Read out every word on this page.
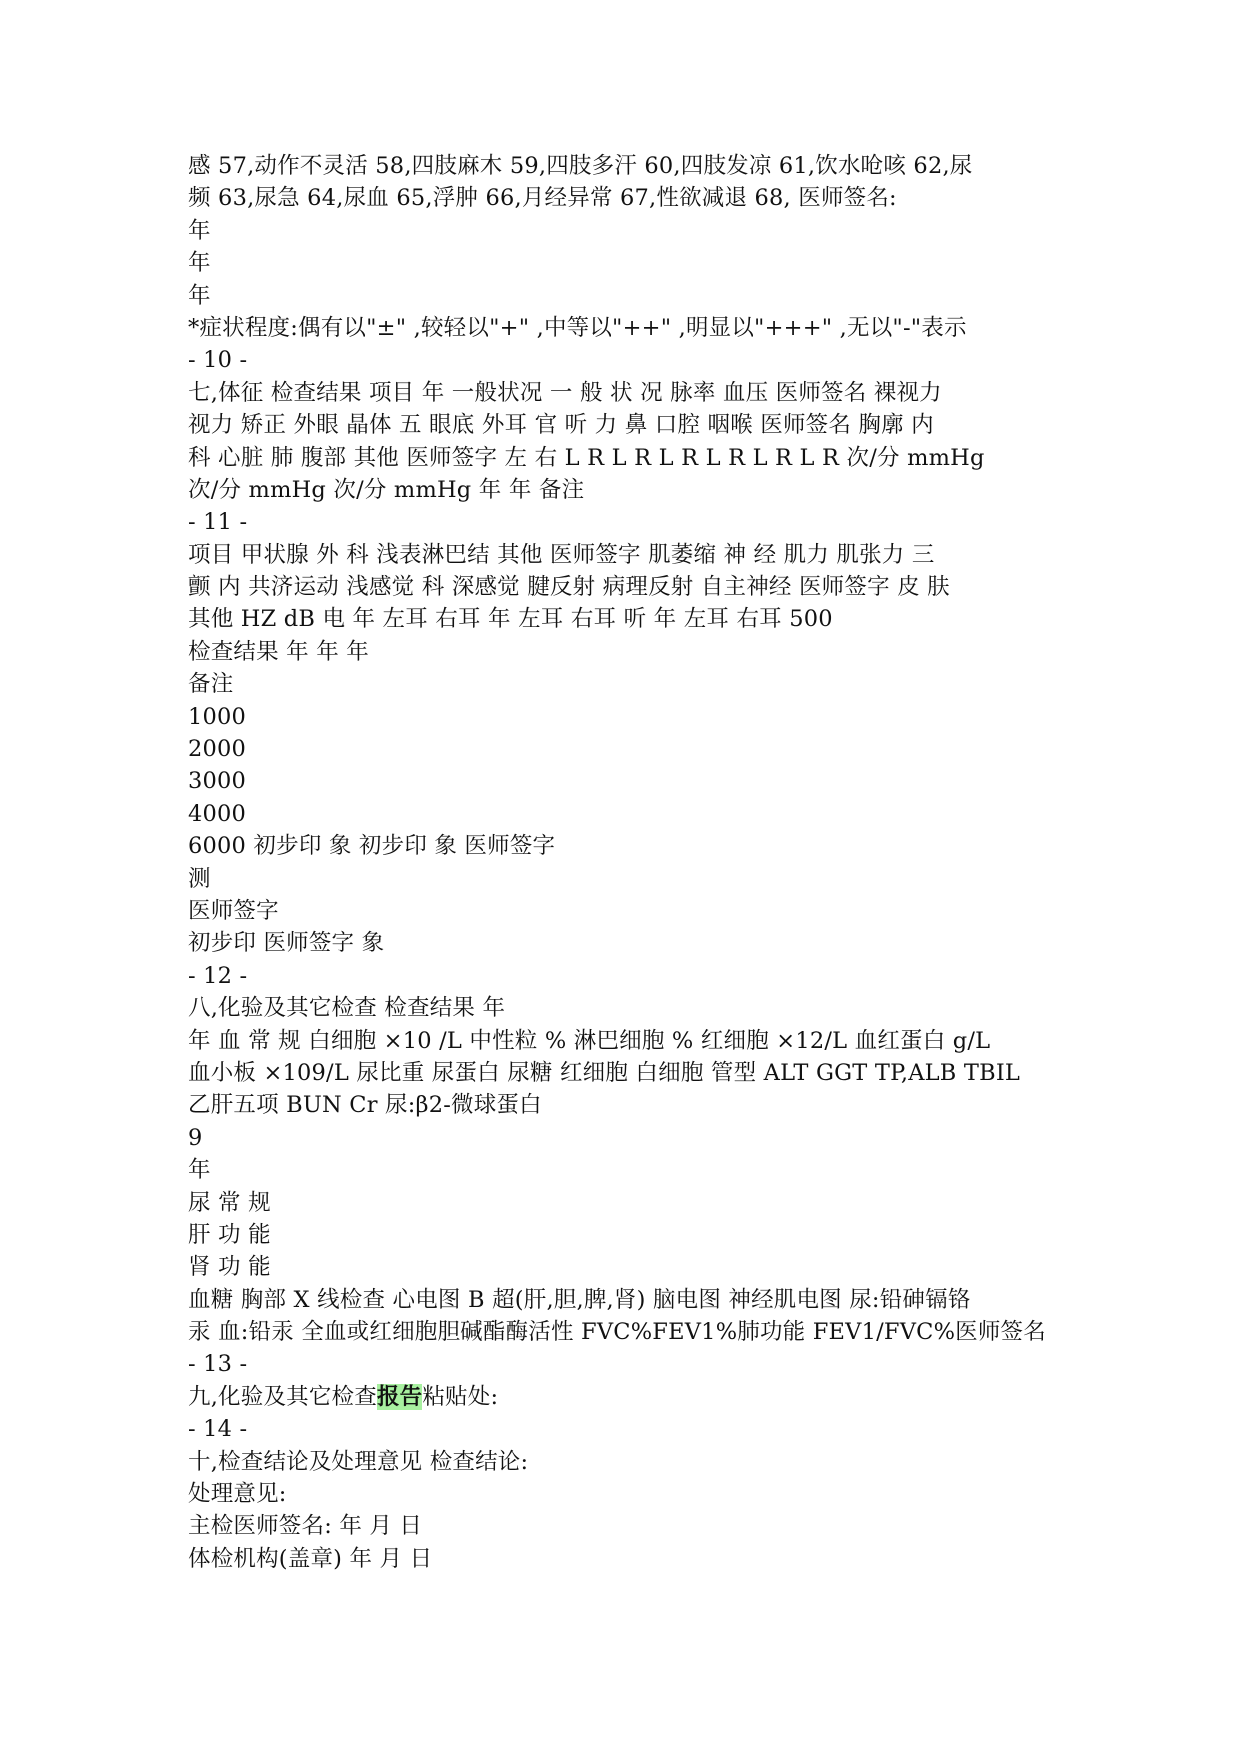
感 57,动作不灵活 58,四肢麻木 59,四肢多汗 60,四肢发凉 61,饮水呛咳 62,尿
频 63,尿急 64,尿血 65,浮肿 66,月经异常 67,性欲减退 68, 医师签名:
年
年
年
*症状程度:偶有以"±" ,较轻以"+" ,中等以"++" ,明显以"+++" ,无以"-"表示
- 10 -
七,体征 检查结果 项目 年 一般状况 一 般 状 况 脉率 血压 医师签名 裸视力
视力 矫正 外眼 晶体 五 眼底 外耳 官 听 力 鼻 口腔 咽喉 医师签名 胸廓 内
科 心脏 肺 腹部 其他 医师签字 左 右 L R L R L R L R L R L R 次/分 mmHg
次/分 mmHg 次/分 mmHg 年 年 备注
- 11 -
项目 甲状腺 外 科 浅表淋巴结 其他 医师签字 肌萎缩 神 经 肌力 肌张力 三
颤 内 共济运动 浅感觉 科 深感觉 腱反射 病理反射 自主神经 医师签字 皮 肤
其他 HZ dB 电 年 左耳 右耳 年 左耳 右耳 听 年 左耳 右耳 500
检查结果 年 年 年
备注
1000
2000
3000
4000
6000 初步印 象 初步印 象 医师签字
测
医师签字
初步印 医师签字 象
- 12 -
八,化验及其它检查 检查结果 年
年 血 常 规 白细胞 ×10 /L 中性粒 % 淋巴细胞 % 红细胞 ×12/L 血红蛋白 g/L
血小板 ×109/L 尿比重 尿蛋白 尿糖 红细胞 白细胞 管型 ALT GGT TP,ALB TBIL
乙肝五项 BUN Cr 尿:β2-微球蛋白
9
年
尿 常 规
肝 功 能
肾 功 能
血糖 胸部 X 线检查 心电图 B 超(肝,胆,脾,肾) 脑电图 神经肌电图 尿:铅砷镉铬
汞 血:铅汞 全血或红细胞胆碱酯酶活性 FVC%FEV1%肺功能 FEV1/FVC%医师签名
- 13 -
九,化验及其它检查报告粘贴处:
- 14 -
十,检查结论及处理意见 检查结论:
处理意见:
主检医师签名: 年 月 日
体检机构(盖章) 年 月 日
